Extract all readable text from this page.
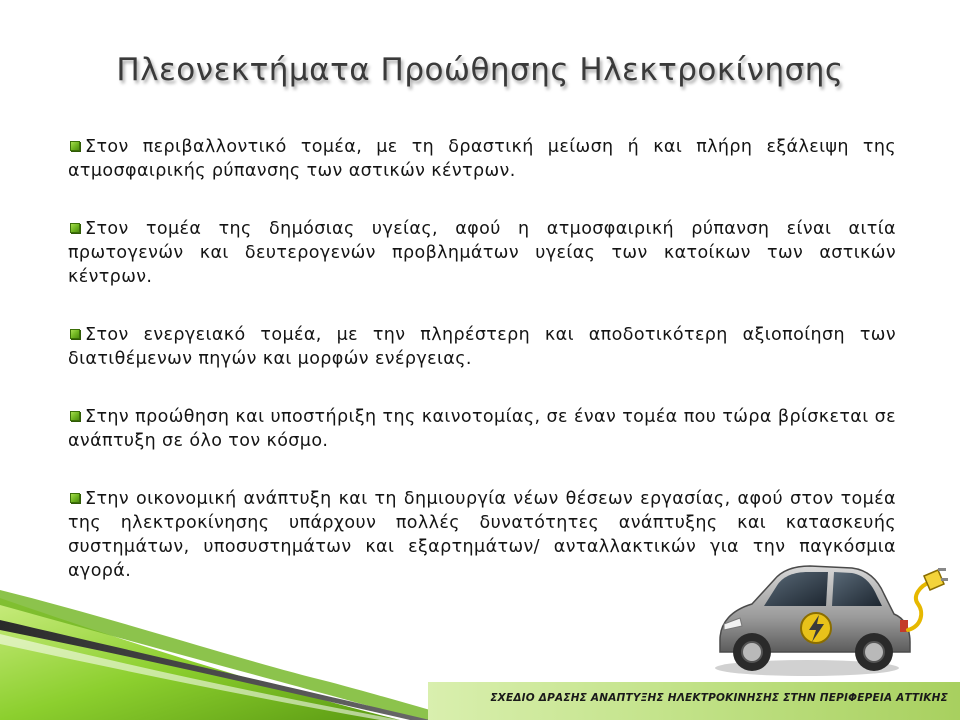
Πλεονεκτήματα Προώθησης Ηλεκτροκίνησης

Στον περιβαλλοντικό τομέα, με τη δραστική μείωση ή και πλήρη εξάλειψη της ατμοσφαιρικής ρύπανσης των αστικών κέντρων.

Στον τομέα της δημόσιας υγείας, αφού η ατμοσφαιρική ρύπανση είναι αιτία πρωτογενών και δευτερογενών προβλημάτων υγείας των κατοίκων των αστικών κέντρων.

Στον ενεργειακό τομέα, με την πληρέστερη και αποδοτικότερη αξιοποίηση των διατιθέμενων πηγών και μορφών ενέργειας.

Στην προώθηση και υποστήριξη της καινοτομίας, σε έναν τομέα που τώρα βρίσκεται σε ανάπτυξη σε όλο τον κόσμο.

Στην οικονομική ανάπτυξη και τη δημιουργία νέων θέσεων εργασίας, αφού στον τομέα της ηλεκτροκίνησης υπάρχουν πολλές δυνατότητες ανάπτυξης και κατασκευής συστημάτων, υποσυστημάτων και εξαρτημάτων/ ανταλλακτικών για την παγκόσμια αγορά.

ΣΧΕΔΙΟ ΔΡΑΣΗΣ ΑΝΑΠΤΥΞΗΣ ΗΛΕΚΤΡΟΚΙΝΗΣΗΣ ΣΤΗΝ ΠΕΡΙΦΕΡΕΙΑ ΑΤΤΙΚΗΣ
